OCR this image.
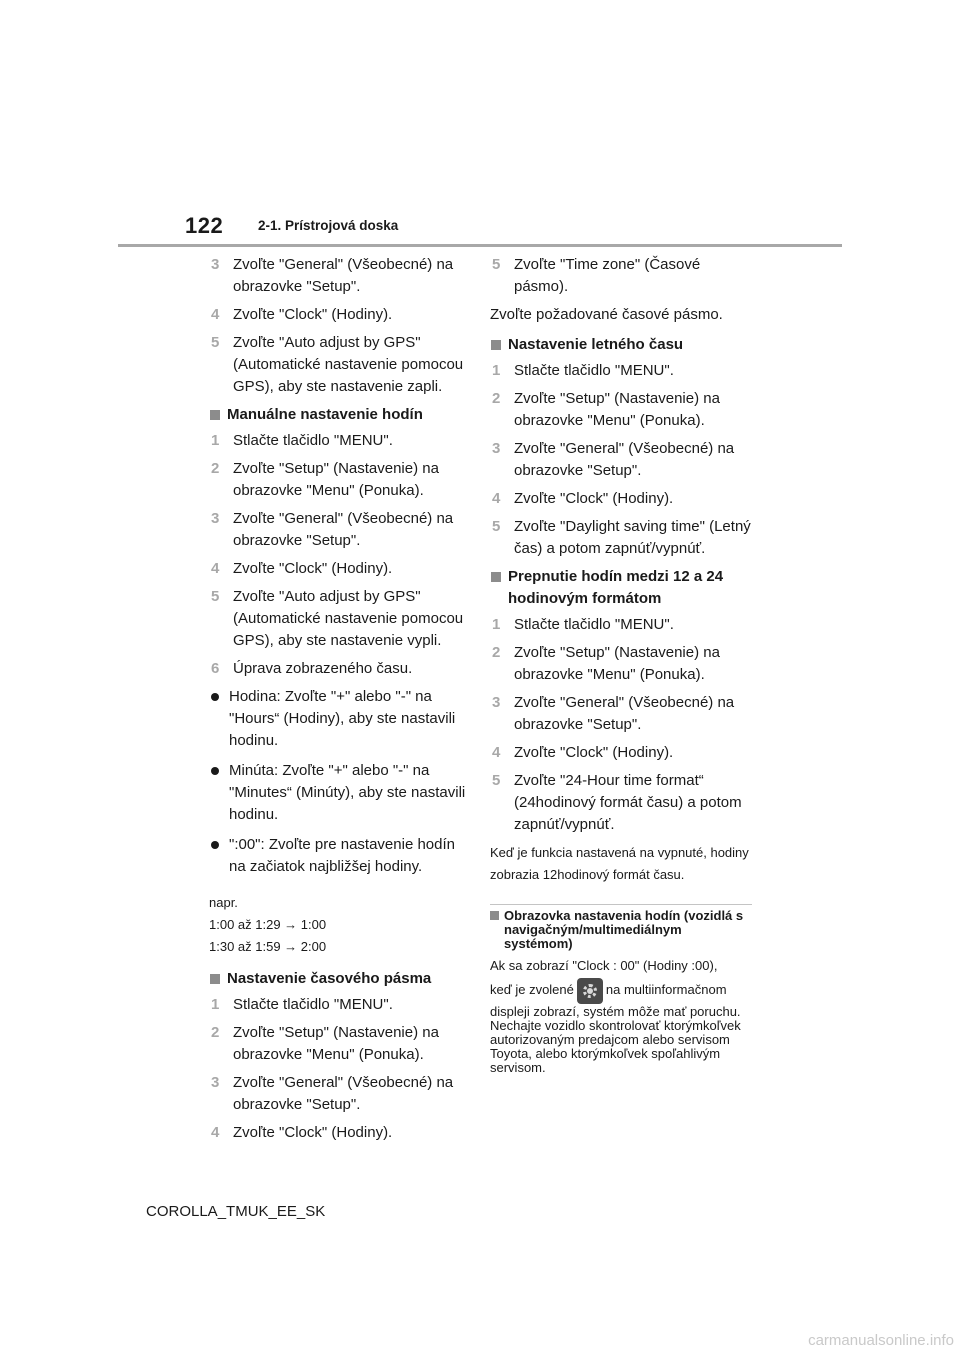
122	2-1. Prístrojová doska
3 Zvoľte "General" (Všeobecné) na obrazovke "Setup".
4 Zvoľte "Clock" (Hodiny).
5 Zvoľte "Auto adjust by GPS" (Automatické nastavenie pomocou GPS), aby ste nastavenie zapli.
Manuálne nastavenie hodín
1 Stlačte tlačidlo "MENU".
2 Zvoľte "Setup" (Nastavenie) na obrazovke "Menu" (Ponuka).
3 Zvoľte "General" (Všeobecné) na obrazovke "Setup".
4 Zvoľte "Clock" (Hodiny).
5 Zvoľte "Auto adjust by GPS" (Automatické nastavenie pomocou GPS), aby ste nastavenie vypli.
6 Úprava zobrazeného času.
Hodina: Zvoľte "+" alebo "-" na "Hours“ (Hodiny), aby ste nastavili hodinu.
Minúta: Zvoľte "+" alebo "-" na "Minutes“ (Minúty), aby ste nastavili hodinu.
":00": Zvoľte pre nastavenie hodín na začiatok najbližšej hodiny.

napr.

1:00 až 1:29 → 1:00

1:30 až 1:59 → 2:00

Nastavenie časového pásma
1 Stlačte tlačidlo "MENU".
2 Zvoľte "Setup" (Nastavenie) na obrazovke "Menu" (Ponuka).
3 Zvoľte "General" (Všeobecné) na obrazovke "Setup".
4 Zvoľte "Clock" (Hodiny).
5 Zvoľte "Time zone" (Časové pásmo).
Zvoľte požadované časové pásmo.
Nastavenie letného času
1 Stlačte tlačidlo "MENU".
2 Zvoľte "Setup" (Nastavenie) na obrazovke "Menu" (Ponuka).
3 Zvoľte "General" (Všeobecné) na obrazovke "Setup".
4 Zvoľte "Clock" (Hodiny).
5 Zvoľte "Daylight saving time" (Letný čas) a potom zapnúť/vypnúť.
Prepnutie hodín medzi 12 a 24 hodinovým formátom
1 Stlačte tlačidlo "MENU".
2 Zvoľte "Setup" (Nastavenie) na obrazovke "Menu" (Ponuka).
3 Zvoľte "General" (Všeobecné) na obrazovke "Setup".
4 Zvoľte "Clock" (Hodiny).
5 Zvoľte "24-Hour time format“ (24hodinový formát času) a potom zapnúť/vypnúť.

Keď je funkcia nastavená na vypnuté, hodiny zobrazia 12hodinový formát času.

Obrazovka nastavenia hodín (vozidlá s navigačným/multimediálnym systémom)
Ak sa zobrazí "Clock : 00" (Hodiny :00),
keď je zvolené na multiinformačnom
displeji zobrazí, systém môže mať poruchu. Nechajte vozidlo skontrolovať ktorýmkoľvek autorizovaným predajcom alebo servisom Toyota, alebo ktorýmkoľvek spoľahlivým servisom.
COROLLA_TMUK_EE_SK
carmanualsonline.info
